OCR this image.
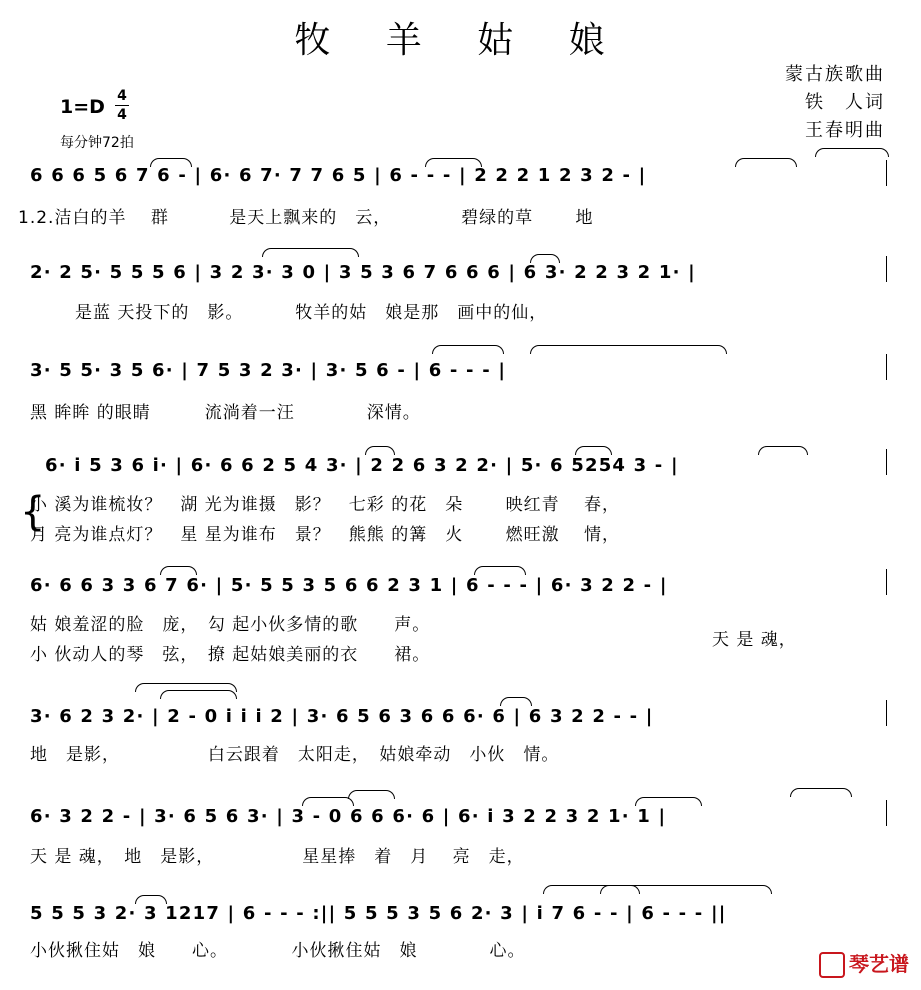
牧 羊 姑 娘
蒙古族歌曲
铁　人词
王春明曲
1=D 4
4
每分钟72拍
6 6 6 5 6 7 6 - | 6· 6 7· 7 7 6 5 | 6 - - - | 2 2 2 1 2 3 2 - |
1.2.洁白的羊　 群　　　 是天上飘来的　云，　　　　 碧绿的草　　 地
2· 2 5· 5 5 5 6 | 3 2 3· 3 0 | 3 5 3 6 7 6 6 6 | 6 3· 2 2 3 2 1· |
是蓝 天投下的　影。　　　 牧羊的姑　娘是那　画中的仙，
3· 5 5· 3 5 6· | 7 5 3 2 3· | 3· 5 6 - | 6 - - - |
黑 眸眸 的眼睛　　　流淌着一汪　　　　深情。
6· i 5 3 6 i· | 6· 6 6 2 5 4 3· | 2 2 6 3 2 2· | 5· 6 5254 3 - |
小 溪为谁梳妆？　湖 光为谁摄　影？　七彩 的花　朵　　 映红青　 春，
月 亮为谁点灯？　星 星为谁布　景？　熊熊 的篝　火　　 燃旺激　 情，
{
6· 6 6 3 3 6 7 6· | 5· 5 5 3 5 6 6 2 3 1 | 6 - - - | 6· 3 2 2 - |
姑 娘羞涩的脸　庞，　勾 起小伙多情的歌　　声。
小 伙动人的琴　弦，　撩 起姑娘美丽的衣　　裙。
天 是 魂，
3· 6 2 3 2· | 2 - 0 i i i 2 | 3· 6 5 6 3 6 6 6· 6 | 6 3 2 2 - - |
地　是影，　　　　　 白云跟着　太阳走，　姑娘牵动　小伙　情。
6· 3 2 2 - | 3· 6 5 6 3· | 3 - 0 6 6 6· 6 | 6· i 3 2 2 3 2 1· 1 |
天 是 魂，　地　是影，　　　　　 星星捧　着　月　 亮　走，
5 5 5 3 2· 3 1217 | 6 - - - :|| 5 5 5 3 5 6 2· 3 | i 7 6 - - | 6 - - - ||
小伙揪住姑　娘　　心。　　　　小伙揪住姑　娘　　　　心。
琴艺谱
